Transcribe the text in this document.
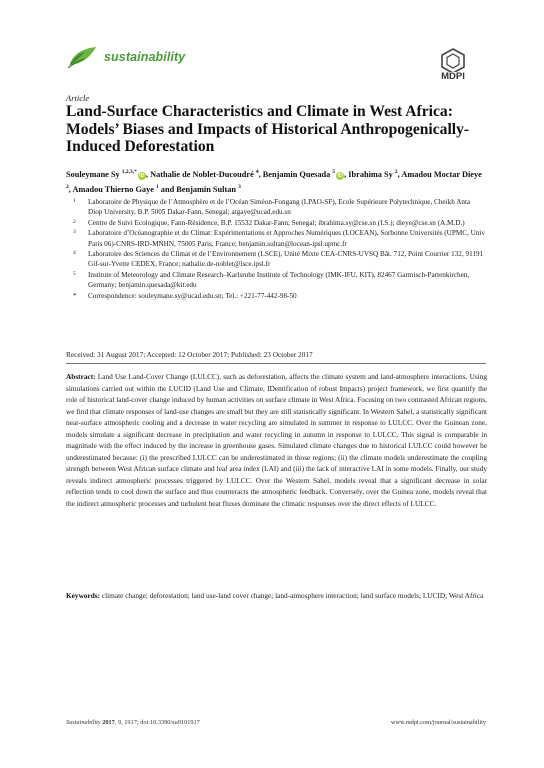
sustainability
MDPI
Article
Land-Surface Characteristics and Climate in West Africa: Models’ Biases and Impacts of Historical Anthropogenically-Induced Deforestation
Souleymane Sy $^{1,2,3,*}$iD , Nathalie de Noblet-Ducoudré $^4$, Benjamin Quesada $^5$iD , Ibrahima Sy $^2$, Amadou Moctar Dieye $^2$, Amadou Thierno Gaye $^1$ and Benjamin Sultan $^3$
1	Laboratoire de Physique de l’Atmosphère et de l’Océan Siméon-Fongang (LPAO-SF), Ecole Supérieure Polytechnique, Cheikh Anta Diop University, B.P. 5005 Dakar-Fann, Senegal; atgaye@ucad.edu.sn
2	Centre de Suivi Ecologique, Fann-Résidence, B.P. 15532 Dakar-Fann, Senegal; ibrahima.sy@cse.sn (I.S.); dieye@cse.sn (A.M.D.)
3	Laboratoire d’Océanographie et du Climat: Expérimentations et Approches Numériques (LOCEAN), Sorbonne Universités (UPMC, Univ Paris 06)-CNRS-IRD-MNHN, 75005 Paris, France; benjamin.sultan@locean-ipsl.upmc.fr
4	Laboratoire des Sciences du Climat et de l’Environnement (LSCE), Unité Mixte CEA-CNRS-UVSQ Bât. 712, Point Courrier 132, 91191 Gif-sur-Yvette CEDEX, France; nathalie.de-noblet@lsce.ipsl.fr
5	Institute of Meteorology and Climate Research–Karlsruhe Institute of Technology (IMK-IFU, KIT), 82467 Garmisch-Partenkirchen, Germany; benjamin.quesada@kit.edu
*	Correspondence: souleymane.sy@ucad.edu.sn; Tel.: +221-77-442-98-50
Received: 31 August 2017; Accepted: 12 October 2017; Published: 23 October 2017
Abstract: Land Use Land-Cover Change (LULCC), such as deforestation, affects the climate system and land-atmosphere interactions. Using simulations carried out within the LUCID (Land Use and Climate, IDentification of robust Impacts) project framework, we first quantify the role of historical land-cover change induced by human activities on surface climate in West Africa. Focusing on two contrasted African regions, we find that climate responses of land-use changes are small but they are still statistically significant. In Western Sahel, a statistically significant near-surface atmospheric cooling and a decrease in water recycling are simulated in summer in response to LULCC. Over the Guinean zone, models simulate a significant decrease in precipitation and water recycling in autumn in response to LULCC. This signal is comparable in magnitude with the effect induced by the increase in greenhouse gases. Simulated climate changes due to historical LULCC could however be underestimated because: (i) the prescribed LULCC can be underestimated in those regions; (ii) the climate models underestimate the coupling strength between West African surface climate and leaf area index (LAI) and (iii) the lack of interactive LAI in some models. Finally, our study reveals indirect atmospheric processes triggered by LULCC. Over the Western Sahel, models reveal that a significant decrease in solar reflection tends to cool down the surface and thus counteracts the atmospheric feedback. Conversely, over the Guinea zone, models reveal that the indirect atmospheric processes and turbulent heat fluxes dominate the climatic responses over the direct effects of LULCC.
Keywords: climate change; deforestation; land use-land cover change; land-atmosphere interaction; land surface models; LUCID; West Africa
Sustainability 2017, 9, 1917; doi:10.3390/su9101917	www.mdpi.com/journal/sustainability
